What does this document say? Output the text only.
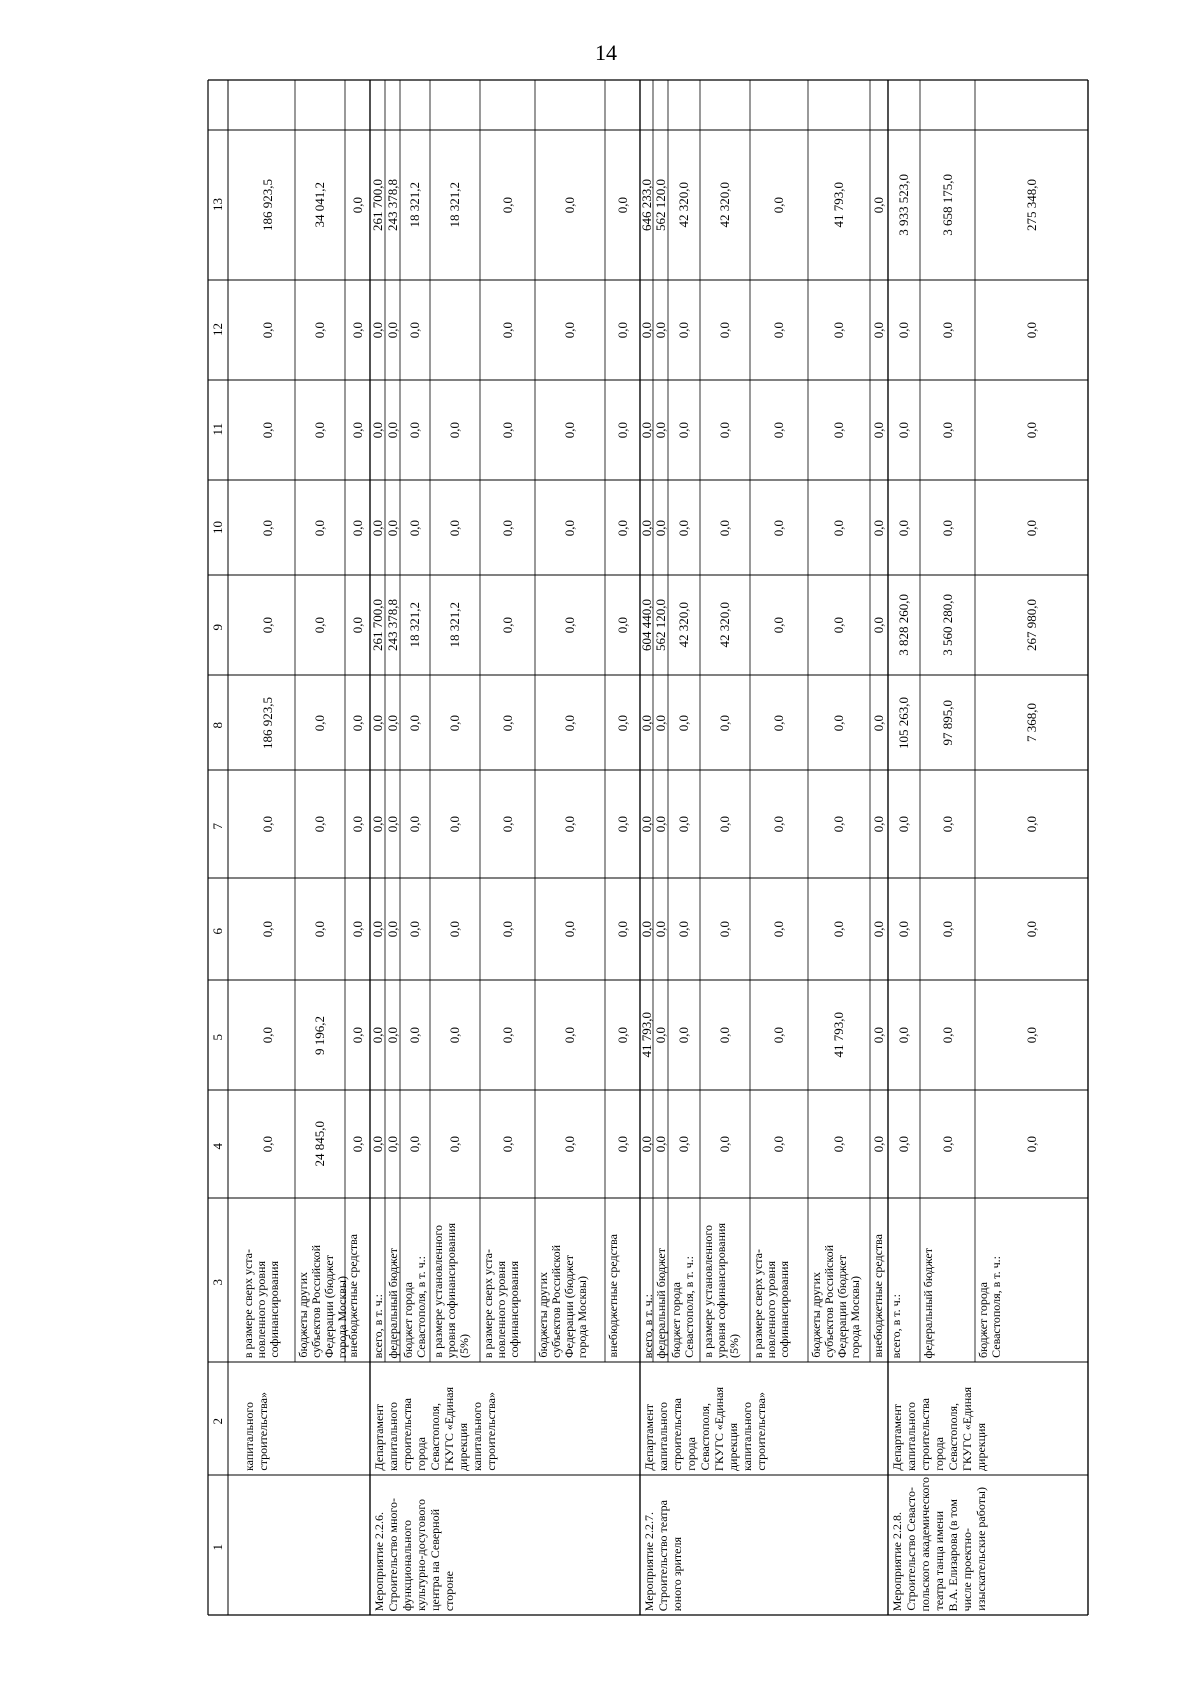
14
1
2
3
4
5
6
7
8
9
10
11
12
13
капитального строительства»
в размере сверх уста- новленного уровня софинансирования
0,0
0,0
0,0
0,0
186 923,5
0,0
0,0
0,0
0,0
186 923,5
бюджеты других субъектов Российской Федерации (бюджет города Москвы)
24 845,0
9 196,2
0,0
0,0
0,0
0,0
0,0
0,0
0,0
34 041,2
внебюджетные средства
0,0
0,0
0,0
0,0
0,0
0,0
0,0
0,0
0,0
0,0
Мероприятие 2.2.6. Строительство много- функционального культурно-досугового центра на Северной стороне
Департамент капитального строительства города Севастополя, ГКУГС «Единая дирекция капитального строительства»
всего, в т. ч.:
0,0
0,0
0,0
0,0
0,0
261 700,0
0,0
0,0
0,0
261 700,0
федеральный бюджет
0,0
0,0
0,0
0,0
0,0
243 378,8
0,0
0,0
0,0
243 378,8
бюджет города Севастополя, в т. ч.:
0,0
0,0
0,0
0,0
0,0
18 321,2
0,0
0,0
0,0
18 321,2
в размере установленного уровня софинансирования (5%)
0,0
0,0
0,0
0,0
0,0
18 321,2
0,0
0,0
18 321,2
в размере сверх уста- новленного уровня софинансирования
0,0
0,0
0,0
0,0
0,0
0,0
0,0
0,0
0,0
0,0
бюджеты других субъектов Российской Федерации (бюджет города Москвы)
0,0
0,0
0,0
0,0
0,0
0,0
0,0
0,0
0,0
0,0
внебюджетные средства
0,0
0,0
0,0
0,0
0,0
0,0
0,0
0,0
0,0
0,0
Мероприятие 2.2.7. Строительство театра юного зрителя
Департамент капитального строительства города Севастополя, ГКУГС «Единая дирекция капитального строительства»
всего, в т. ч.:
0,0
41 793,0
0,0
0,0
0,0
604 440,0
0,0
0,0
0,0
646 233,0
федеральный бюджет
0,0
0,0
0,0
0,0
0,0
562 120,0
0,0
0,0
0,0
562 120,0
бюджет города Севастополя, в т. ч.:
0,0
0,0
0,0
0,0
0,0
42 320,0
0,0
0,0
0,0
42 320,0
в размере установленного уровня софинансирования (5%)
0,0
0,0
0,0
0,0
0,0
42 320,0
0,0
0,0
0,0
42 320,0
в размере сверх уста- новленного уровня софинансирования
0,0
0,0
0,0
0,0
0,0
0,0
0,0
0,0
0,0
0,0
бюджеты других субъектов Российской Федерации (бюджет города Москвы)
0,0
41 793,0
0,0
0,0
0,0
0,0
0,0
0,0
0,0
41 793,0
внебюджетные средства
0,0
0,0
0,0
0,0
0,0
0,0
0,0
0,0
0,0
0,0
Мероприятие 2.2.8. Строительство Севасто- польского академического театра танца имени В.А. Елизарова (в том числе проектно- изыскательские работы)
Департамент капитального строительства города Севастополя, ГКУГС «Единая дирекция
всего, в т. ч.:
0,0
0,0
0,0
0,0
105 263,0
3 828 260,0
0,0
0,0
0,0
3 933 523,0
федеральный бюджет
0,0
0,0
0,0
0,0
97 895,0
3 560 280,0
0,0
0,0
0,0
3 658 175,0
бюджет города Севастополя, в т. ч.:
0,0
0,0
0,0
0,0
7 368,0
267 980,0
0,0
0,0
0,0
275 348,0
